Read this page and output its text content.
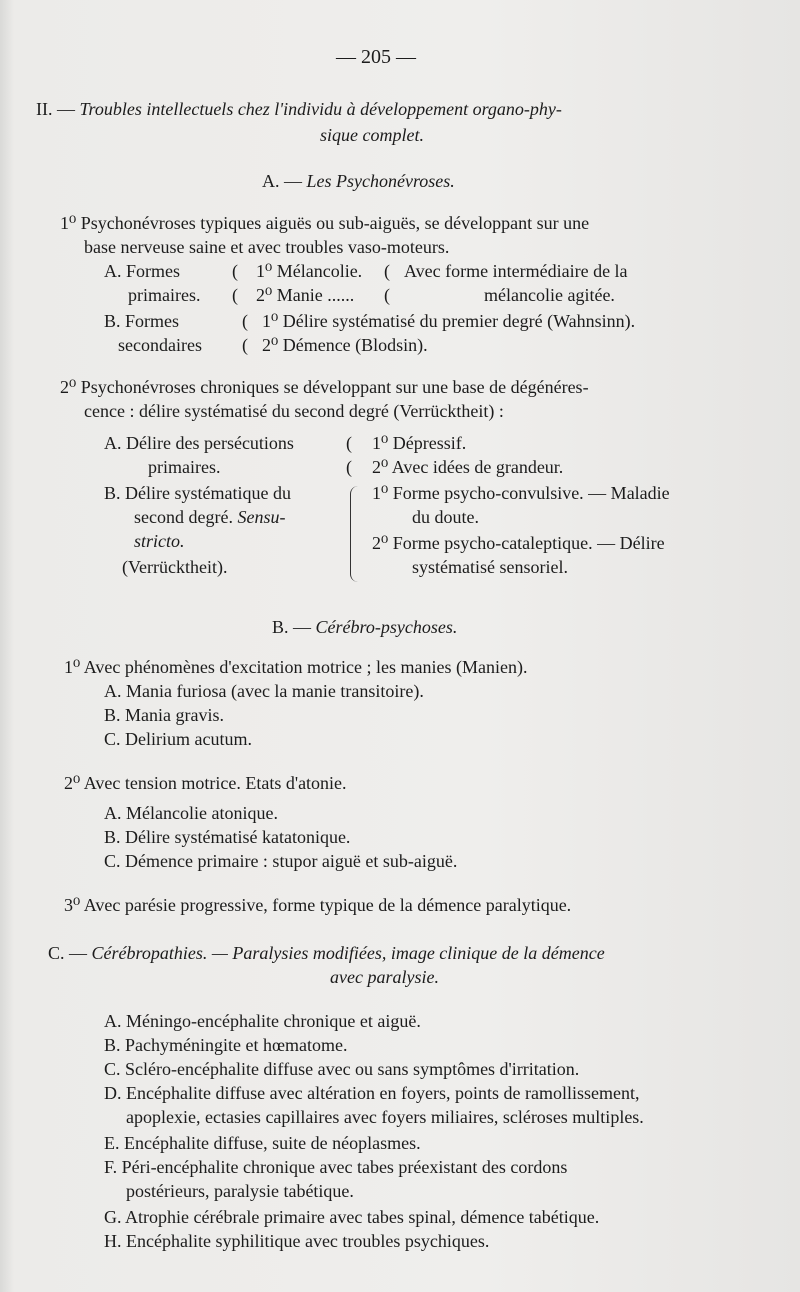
— 205 —
II. — Troubles intellectuels chez l'individu à développement organo-phy-
sique complet.
A. — Les Psychonévroses.
1⁰ Psychonévroses typiques aiguës ou sub-aiguës, se développant sur une
base nerveuse saine et avec troubles vaso-moteurs.
A. Formes
primaires.
(
(
1⁰ Mélancolie.
2⁰ Manie ......
(
(
Avec forme intermédiaire de la
mélancolie agitée.
B. Formes
secondaires
(
(
1⁰ Délire systématisé du premier degré (Wahnsinn).
2⁰ Démence (Blodsin).
2⁰ Psychonévroses chroniques se développant sur une base de dégénéres-
cence : délire systématisé du second degré (Verrücktheit) :
A. Délire des persécutions
primaires.
(
(
1⁰ Dépressif.
2⁰ Avec idées de grandeur.
B. Délire systématique du
second degré. Sensu-
stricto.
(Verrücktheit).
1⁰ Forme psycho-convulsive. — Maladie
du doute.
2⁰ Forme psycho-cataleptique. — Délire
systématisé sensoriel.
B. — Cérébro-psychoses.
1⁰ Avec phénomènes d'excitation motrice ; les manies (Manien).
A. Mania furiosa (avec la manie transitoire).
B. Mania gravis.
C. Delirium acutum.
2⁰ Avec tension motrice. Etats d'atonie.
A. Mélancolie atonique.
B. Délire systématisé katatonique.
C. Démence primaire : stupor aiguë et sub-aiguë.
3⁰ Avec parésie progressive, forme typique de la démence paralytique.
C. — Cérébropathies. — Paralysies modifiées, image clinique de la démence
avec paralysie.
A. Méningo-encéphalite chronique et aiguë.
B. Pachyméningite et hœmatome.
C. Scléro-encéphalite diffuse avec ou sans symptômes d'irritation.
D. Encéphalite diffuse avec altération en foyers, points de ramollissement,
apoplexie, ectasies capillaires avec foyers miliaires, scléroses multiples.
E. Encéphalite diffuse, suite de néoplasmes.
F. Péri-encéphalite chronique avec tabes préexistant des cordons
postérieurs, paralysie tabétique.
G. Atrophie cérébrale primaire avec tabes spinal, démence tabétique.
H. Encéphalite syphilitique avec troubles psychiques.
